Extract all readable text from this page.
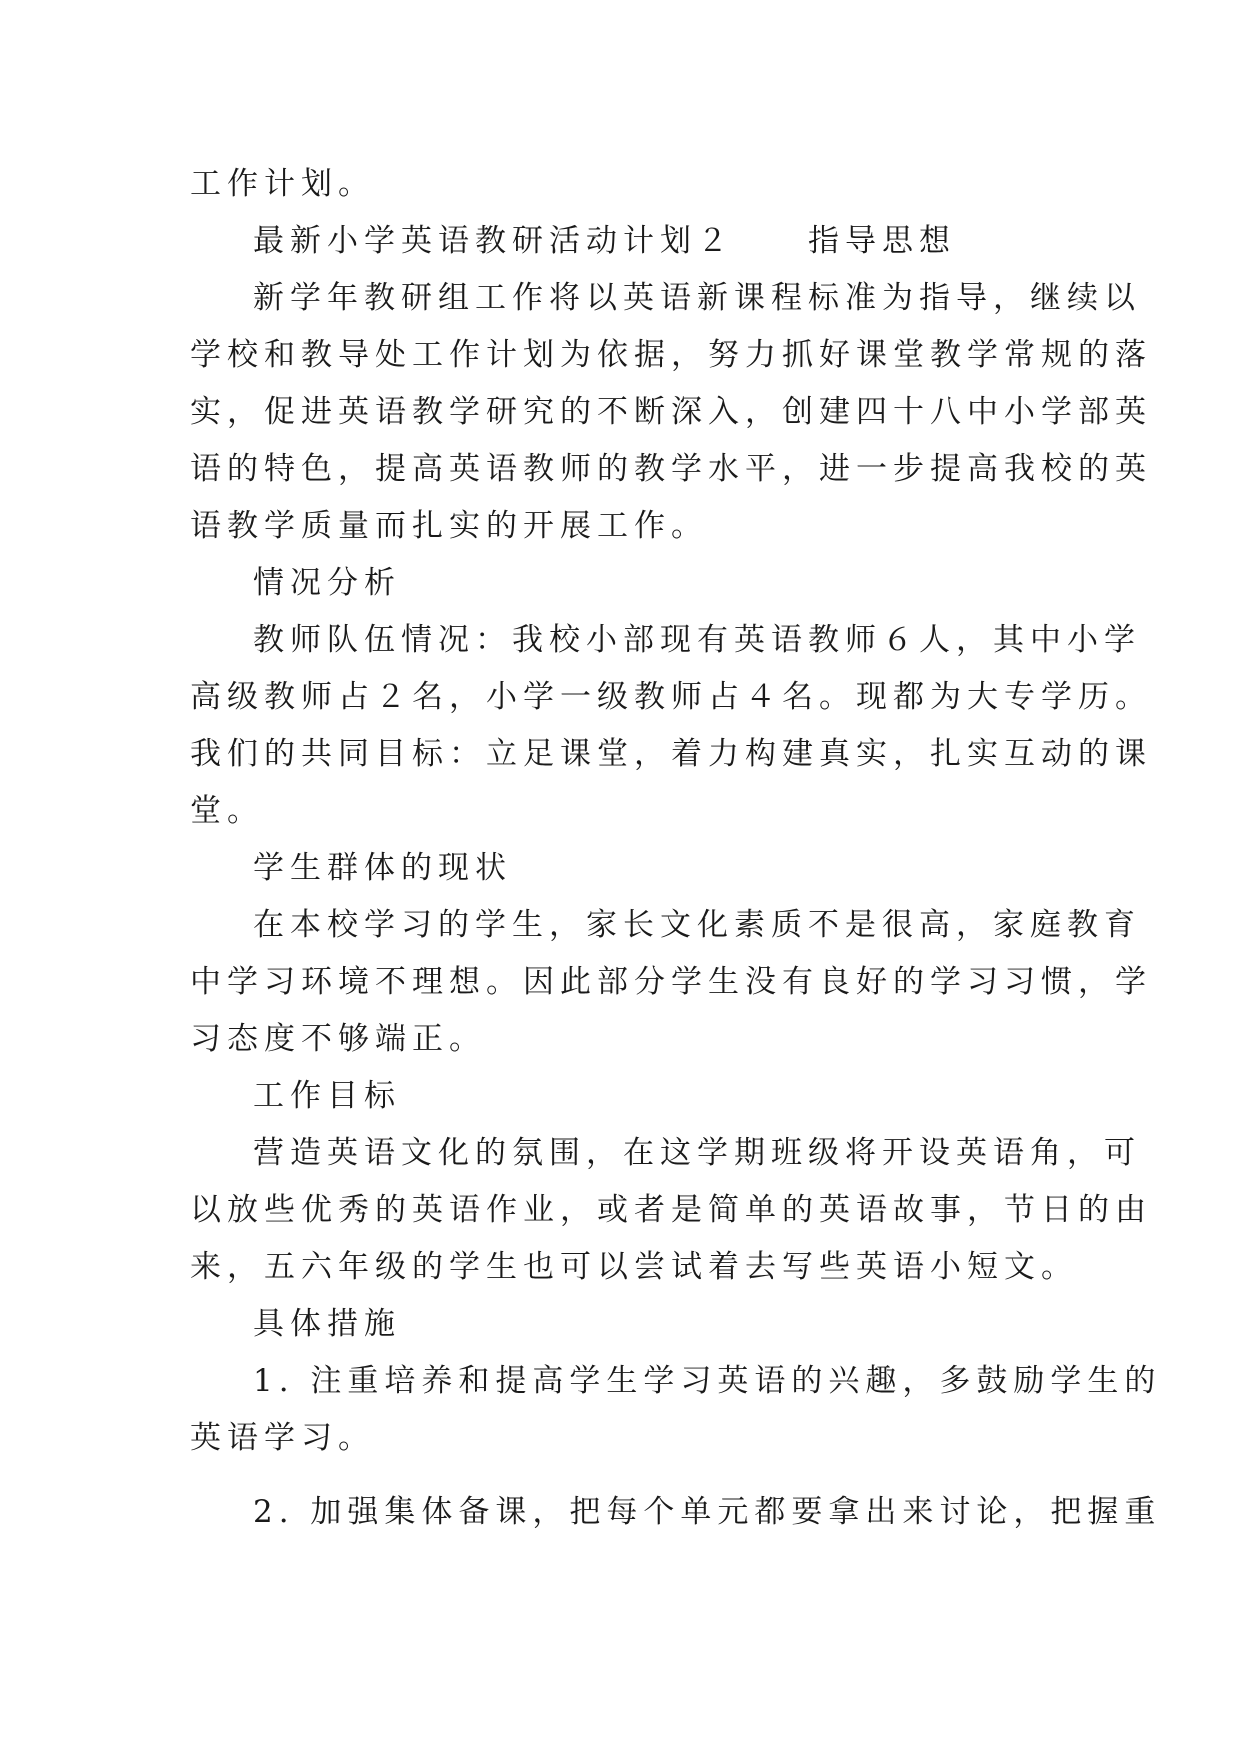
工作计划。
最新小学英语教研活动计划２　　指导思想
新学年教研组工作将以英语新课程标准为指导，继续以
学校和教导处工作计划为依据，努力抓好课堂教学常规的落
实，促进英语教学研究的不断深入，创建四十八中小学部英
语的特色，提高英语教师的教学水平，进一步提高我校的英
语教学质量而扎实的开展工作。
情况分析
教师队伍情况：我校小部现有英语教师６人，其中小学
高级教师占２名，小学一级教师占４名。现都为大专学历。
我们的共同目标：立足课堂，着力构建真实，扎实互动的课
堂。
学生群体的现状
在本校学习的学生，家长文化素质不是很高，家庭教育
中学习环境不理想。因此部分学生没有良好的学习习惯，学
习态度不够端正。
工作目标
营造英语文化的氛围，在这学期班级将开设英语角，可
以放些优秀的英语作业，或者是简单的英语故事，节日的由
来，五六年级的学生也可以尝试着去写些英语小短文。
具体措施
1. 注重培养和提高学生学习英语的兴趣，多鼓励学生的
英语学习。
2. 加强集体备课，把每个单元都要拿出来讨论，把握重
